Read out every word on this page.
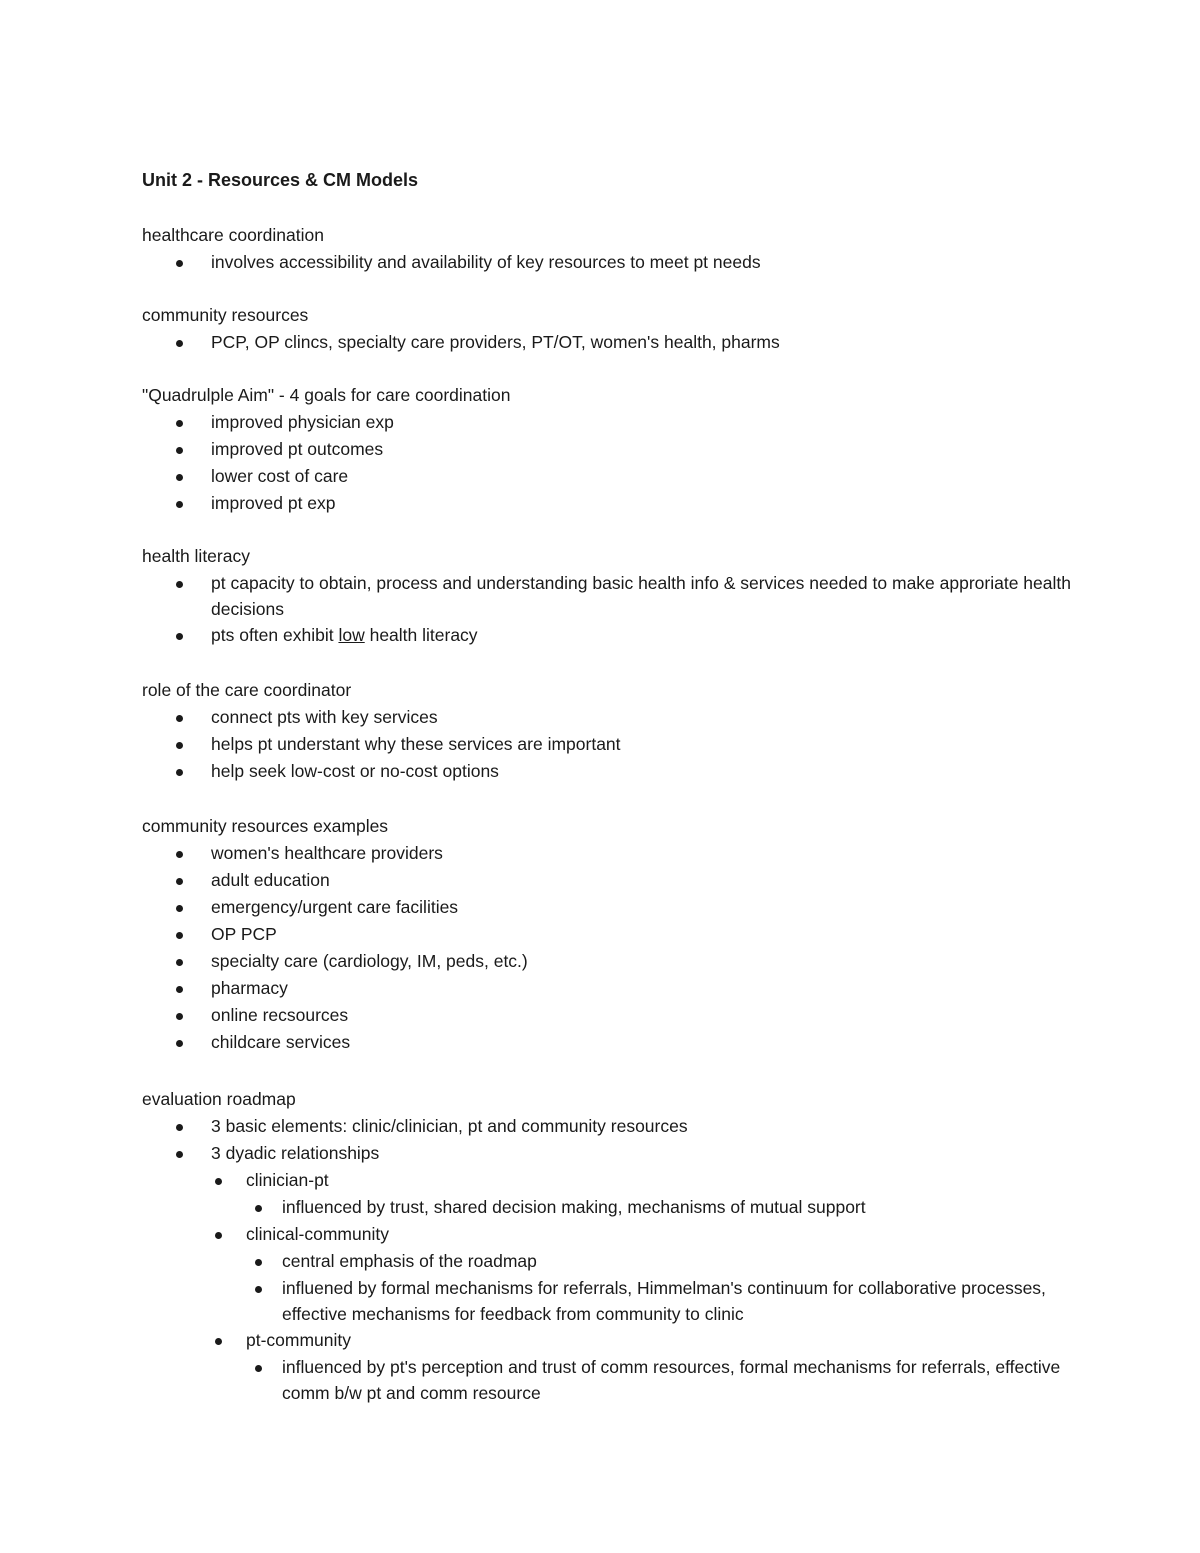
Unit 2 - Resources & CM Models
healthcare coordination
involves accessibility and availability of key resources to meet pt needs
community resources
PCP, OP clincs, specialty care providers, PT/OT, women's health, pharms
"Quadrulple Aim" - 4 goals for care coordination
improved physician exp
improved pt outcomes
lower cost of care
improved pt exp
health literacy
pt capacity to obtain, process and understanding basic health info & services needed to make approriate health decisions
pts often exhibit low health literacy
role of the care coordinator
connect pts with key services
helps pt understant why these services are important
help seek low-cost or no-cost options
community resources examples
women's healthcare providers
adult education
emergency/urgent care facilities
OP PCP
specialty care (cardiology, IM, peds, etc.)
pharmacy
online recsources
childcare services
evaluation roadmap
3 basic elements: clinic/clinician, pt and community resources
3 dyadic relationships
clinician-pt
influenced by trust, shared decision making, mechanisms of mutual support
clinical-community
central emphasis of the roadmap
influened by formal mechanisms for referrals, Himmelman's continuum for collaborative processes, effective mechanisms for feedback from community to clinic
pt-community
influenced by pt's perception and trust of comm resources, formal mechanisms for referrals, effective comm b/w pt and comm resource
